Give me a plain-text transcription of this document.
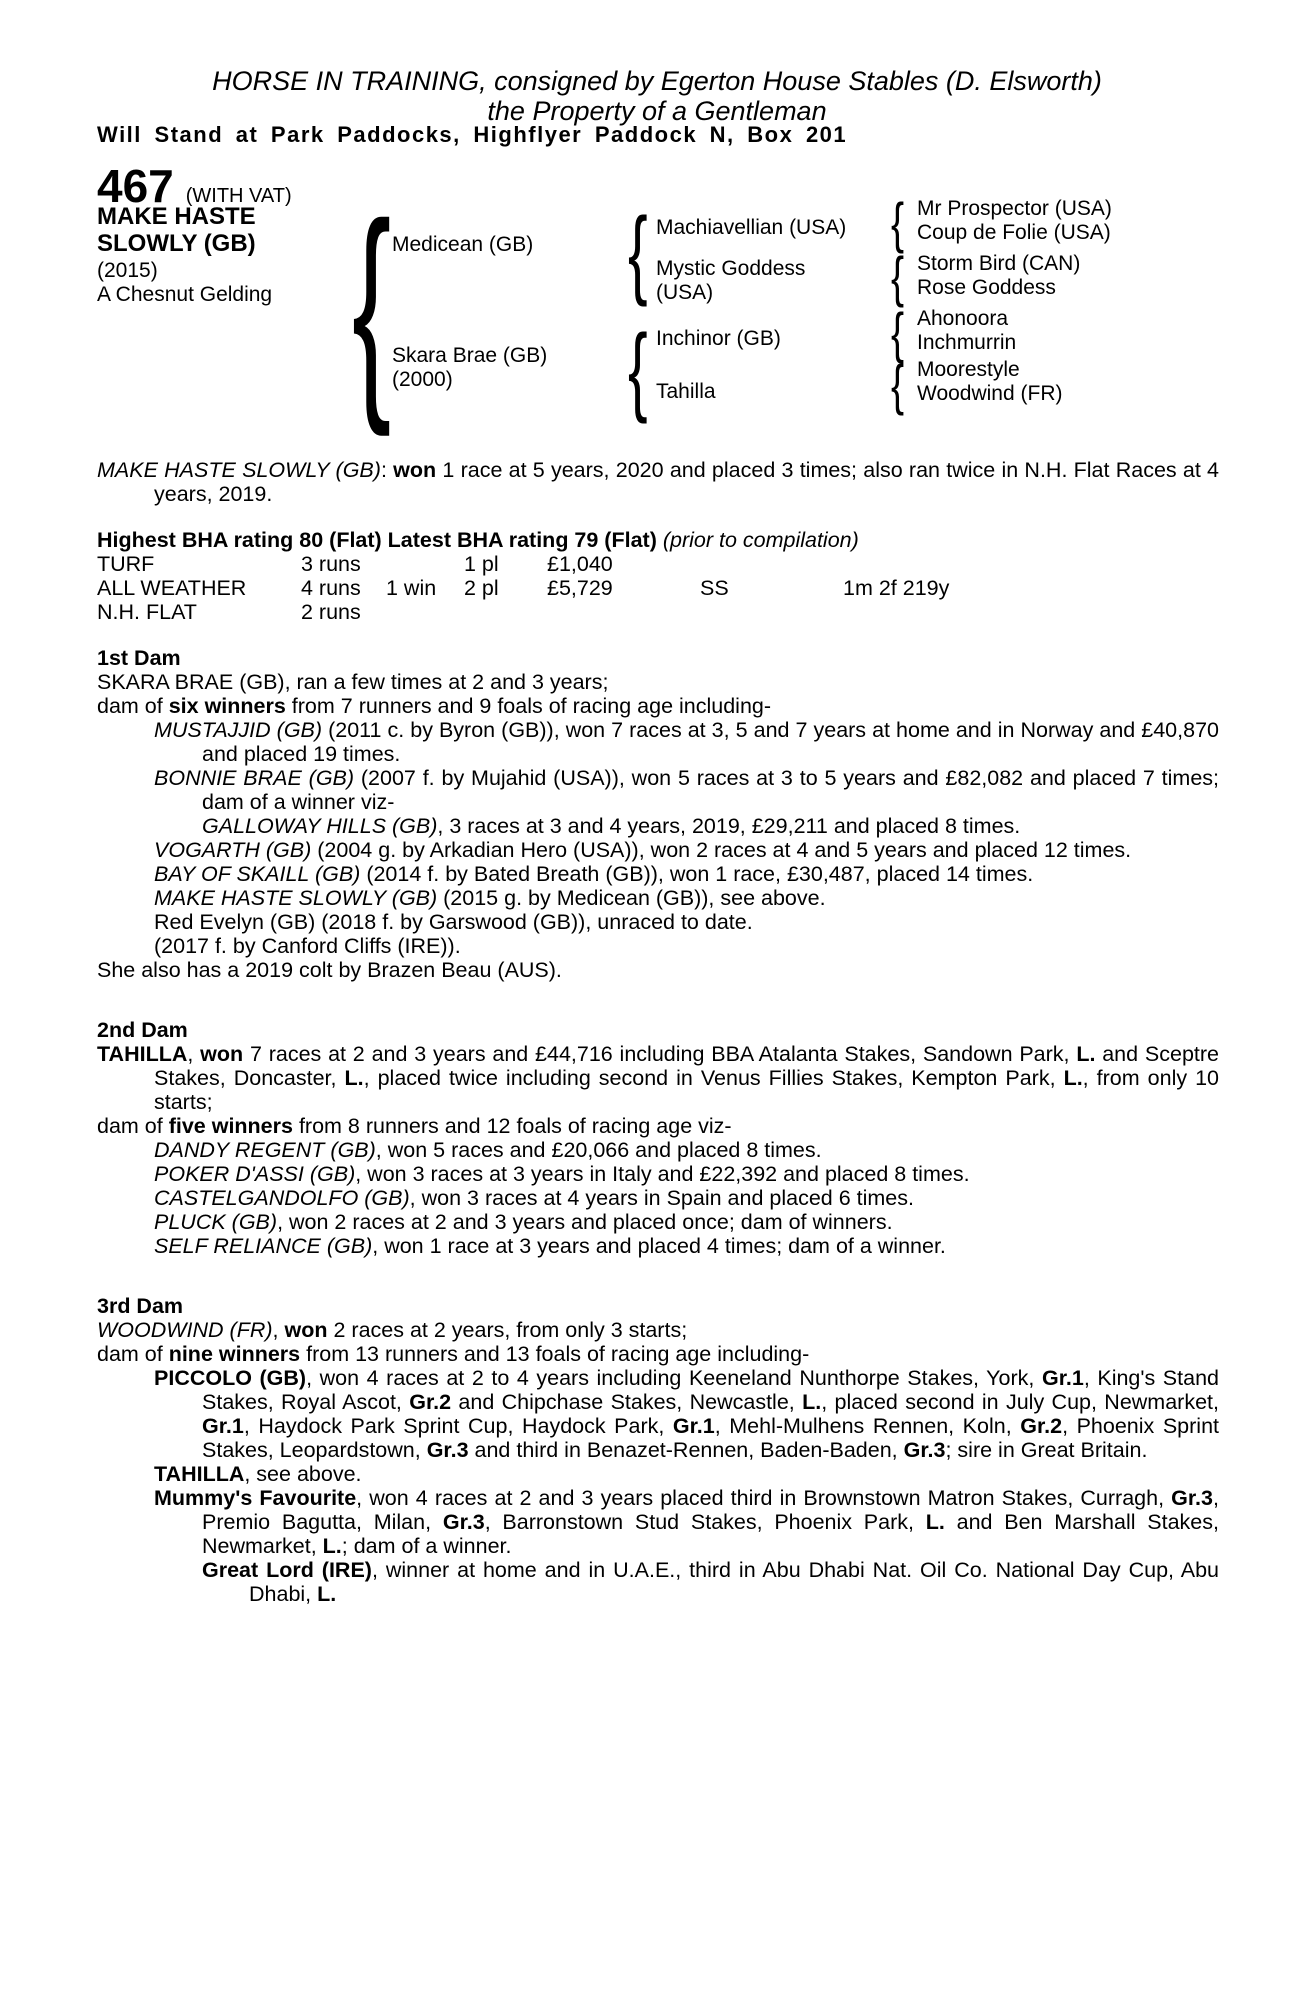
HORSE IN TRAINING, consigned by Egerton House Stables (D. Elsworth)
the Property of a Gentleman
Will Stand at Park Paddocks, Highflyer Paddock N, Box 201
467 (WITH VAT)
MAKE HASTE
SLOWLY (GB)
(2015)
A Chesnut Gelding
{
Medicean (GB)
Skara Brae (GB)
(2000)
{
{
Machiavellian (USA)
Mystic Goddess
(USA)
Inchinor (GB)
Tahilla
{
{
{
{
Mr Prospector (USA)
Coup de Folie (USA)
Storm Bird (CAN)
Rose Goddess
Ahonoora
Inchmurrin
Moorestyle
Woodwind (FR)

MAKE HASTE SLOWLY (GB): won 1 race at 5 years, 2020 and placed 3 times; also ran twice in N.H. Flat Races at 4 years, 2019.

Highest BHA rating 80 (Flat) Latest BHA rating 79 (Flat) (prior to compilation)

TURF	3 runs	1 pl	£1,040
ALL WEATHER	4 runs	1 win	2 pl	£5,729	SS	1m 2f 219y
N.H. FLAT	2 runs

1st Dam

SKARA BRAE (GB), ran a few times at 2 and 3 years;

dam of six winners from 7 runners and 9 foals of racing age including-

MUSTAJJID (GB) (2011 c. by Byron (GB)), won 7 races at 3, 5 and 7 years at home and in Norway and £40,870 and placed 19 times.

BONNIE BRAE (GB) (2007 f. by Mujahid (USA)), won 5 races at 3 to 5 years and £82,082 and placed 7 times; dam of a winner viz-

GALLOWAY HILLS (GB), 3 races at 3 and 4 years, 2019, £29,211 and placed 8 times.

VOGARTH (GB) (2004 g. by Arkadian Hero (USA)), won 2 races at 4 and 5 years and placed 12 times.

BAY OF SKAILL (GB) (2014 f. by Bated Breath (GB)), won 1 race, £30,487, placed 14 times.

MAKE HASTE SLOWLY (GB) (2015 g. by Medicean (GB)), see above.

Red Evelyn (GB) (2018 f. by Garswood (GB)), unraced to date.

(2017 f. by Canford Cliffs (IRE)).

She also has a 2019 colt by Brazen Beau (AUS).

2nd Dam

TAHILLA, won 7 races at 2 and 3 years and £44,716 including BBA Atalanta Stakes, Sandown Park, L. and Sceptre Stakes, Doncaster, L., placed twice including second in Venus Fillies Stakes, Kempton Park, L., from only 10 starts;

dam of five winners from 8 runners and 12 foals of racing age viz-

DANDY REGENT (GB), won 5 races and £20,066 and placed 8 times.

POKER D'ASSI (GB), won 3 races at 3 years in Italy and £22,392 and placed 8 times.

CASTELGANDOLFO (GB), won 3 races at 4 years in Spain and placed 6 times.

PLUCK (GB), won 2 races at 2 and 3 years and placed once; dam of winners.

SELF RELIANCE (GB), won 1 race at 3 years and placed 4 times; dam of a winner.

3rd Dam

WOODWIND (FR), won 2 races at 2 years, from only 3 starts;

dam of nine winners from 13 runners and 13 foals of racing age including-

PICCOLO (GB), won 4 races at 2 to 4 years including Keeneland Nunthorpe Stakes, York, Gr.1, King's Stand Stakes, Royal Ascot, Gr.2 and Chipchase Stakes, Newcastle, L., placed second in July Cup, Newmarket, Gr.1, Haydock Park Sprint Cup, Haydock Park, Gr.1, Mehl-Mulhens Rennen, Koln, Gr.2, Phoenix Sprint Stakes, Leopardstown, Gr.3 and third in Benazet-Rennen, Baden-Baden, Gr.3; sire in Great Britain.

TAHILLA, see above.

Mummy's Favourite, won 4 races at 2 and 3 years placed third in Brownstown Matron Stakes, Curragh, Gr.3, Premio Bagutta, Milan, Gr.3, Barronstown Stud Stakes, Phoenix Park, L. and Ben Marshall Stakes, Newmarket, L.; dam of a winner.

Great Lord (IRE), winner at home and in U.A.E., third in Abu Dhabi Nat. Oil Co. National Day Cup, Abu Dhabi, L.
